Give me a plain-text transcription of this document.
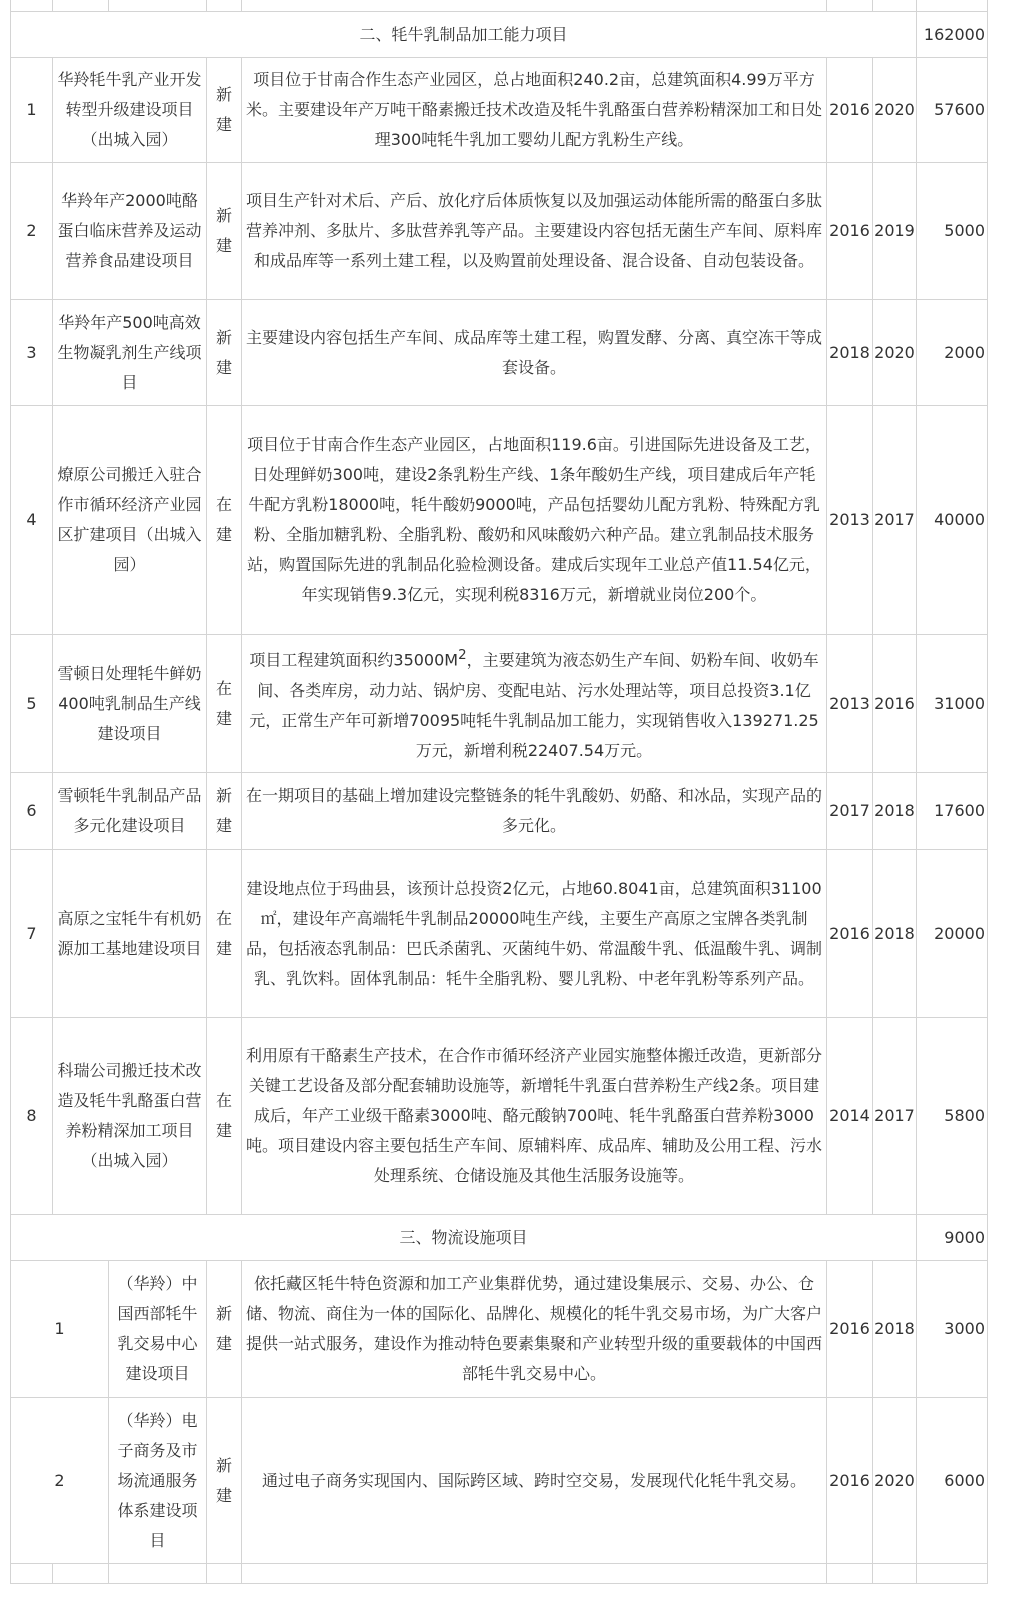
二、牦牛乳制品加工能力项目							162000
1	华羚牦牛乳产业开发转型升级建设项目（出城入园）		新建	项目位于甘南合作生态产业园区，总占地面积240.2亩，总建筑面积4.99万平方米。主要建设年产万吨干酪素搬迁技术改造及牦牛乳酪蛋白营养粉精深加工和日处理300吨牦牛乳加工婴幼儿配方乳粉生产线。	2016	2020	57600
2	华羚年产2000吨酪蛋白临床营养及运动营养食品建设项目		新建	项目生产针对术后、产后、放化疗后体质恢复以及加强运动体能所需的酪蛋白多肽营养冲剂、多肽片、多肽营养乳等产品。主要建设内容包括无菌生产车间、原料库和成品库等一系列土建工程，以及购置前处理设备、混合设备、自动包装设备。	2016	2019	5000
3	华羚年产500吨高效生物凝乳剂生产线项目		新建	主要建设内容包括生产车间、成品库等土建工程，购置发酵、分离、真空冻干等成套设备。	2018	2020	2000
4	燎原公司搬迁入驻合作市循环经济产业园区扩建项目（出城入园）		在建	项目位于甘南合作生态产业园区，占地面积119.6亩。引进国际先进设备及工艺，日处理鲜奶300吨，建设2条乳粉生产线、1条年酸奶生产线，项目建成后年产牦牛配方乳粉18000吨，牦牛酸奶9000吨，产品包括婴幼儿配方乳粉、特殊配方乳粉、全脂加糖乳粉、全脂乳粉、酸奶和风味酸奶六种产品。建立乳制品技术服务站，购置国际先进的乳制品化验检测设备。建成后实现年工业总产值11.54亿元，年实现销售9.3亿元，实现利税8316万元，新增就业岗位200个。	2013	2017	40000
5	雪顿日处理牦牛鲜奶400吨乳制品生产线建设项目		在建	项目工程建筑面积约$35000M^2$，主要建筑为液态奶生产车间、奶粉车间、收奶车间、各类库房，动力站、锅炉房、变配电站、污水处理站等，项目总投资3.1亿元，正常生产年可新增70095吨牦牛乳制品加工能力，实现销售收入139271.25万元，新增利税22407.54万元。	2013	2016	31000
6	雪顿牦牛乳制品产品多元化建设项目		新建	在一期项目的基础上增加建设完整链条的牦牛乳酸奶、奶酪、和冰品，实现产品的多元化。	2017	2018	17600
7	高原之宝牦牛有机奶源加工基地建设项目		在建	建设地点位于玛曲县，该预计总投资2亿元，占地60.8041亩，总建筑面积31100㎡，建设年产高端牦牛乳制品20000吨生产线，主要生产高原之宝牌各类乳制品，包括液态乳制品：巴氏杀菌乳、灭菌纯牛奶、常温酸牛乳、低温酸牛乳、调制乳、乳饮料。固体乳制品：牦牛全脂乳粉、婴儿乳粉、中老年乳粉等系列产品。	2016	2018	20000
8	科瑞公司搬迁技术改造及牦牛乳酪蛋白营养粉精深加工项目（出城入园）		在建	利用原有干酪素生产技术，在合作市循环经济产业园实施整体搬迁改造，更新部分关键工艺设备及部分配套辅助设施等，新增牦牛乳蛋白营养粉生产线2条。项目建成后，年产工业级干酪素3000吨、酪元酸钠700吨、牦牛乳酪蛋白营养粉3000吨。项目建设内容主要包括生产车间、原辅料库、成品库、辅助及公用工程、污水处理系统、仓储设施及其他生活服务设施等。	2014	2017	5800
三、物流设施项目							9000
1		（华羚）中国西部牦牛乳交易中心建设项目	新建	依托藏区牦牛特色资源和加工产业集群优势，通过建设集展示、交易、办公、仓储、物流、商住为一体的国际化、品牌化、规模化的牦牛乳交易市场，为广大客户提供一站式服务，建设作为推动特色要素集聚和产业转型升级的重要载体的中国西部牦牛乳交易中心。	2016	2018	3000
2		（华羚）电子商务及市场流通服务体系建设项目	新建	通过电子商务实现国内、国际跨区域、跨时空交易，发展现代化牦牛乳交易。	2016	2020	6000
